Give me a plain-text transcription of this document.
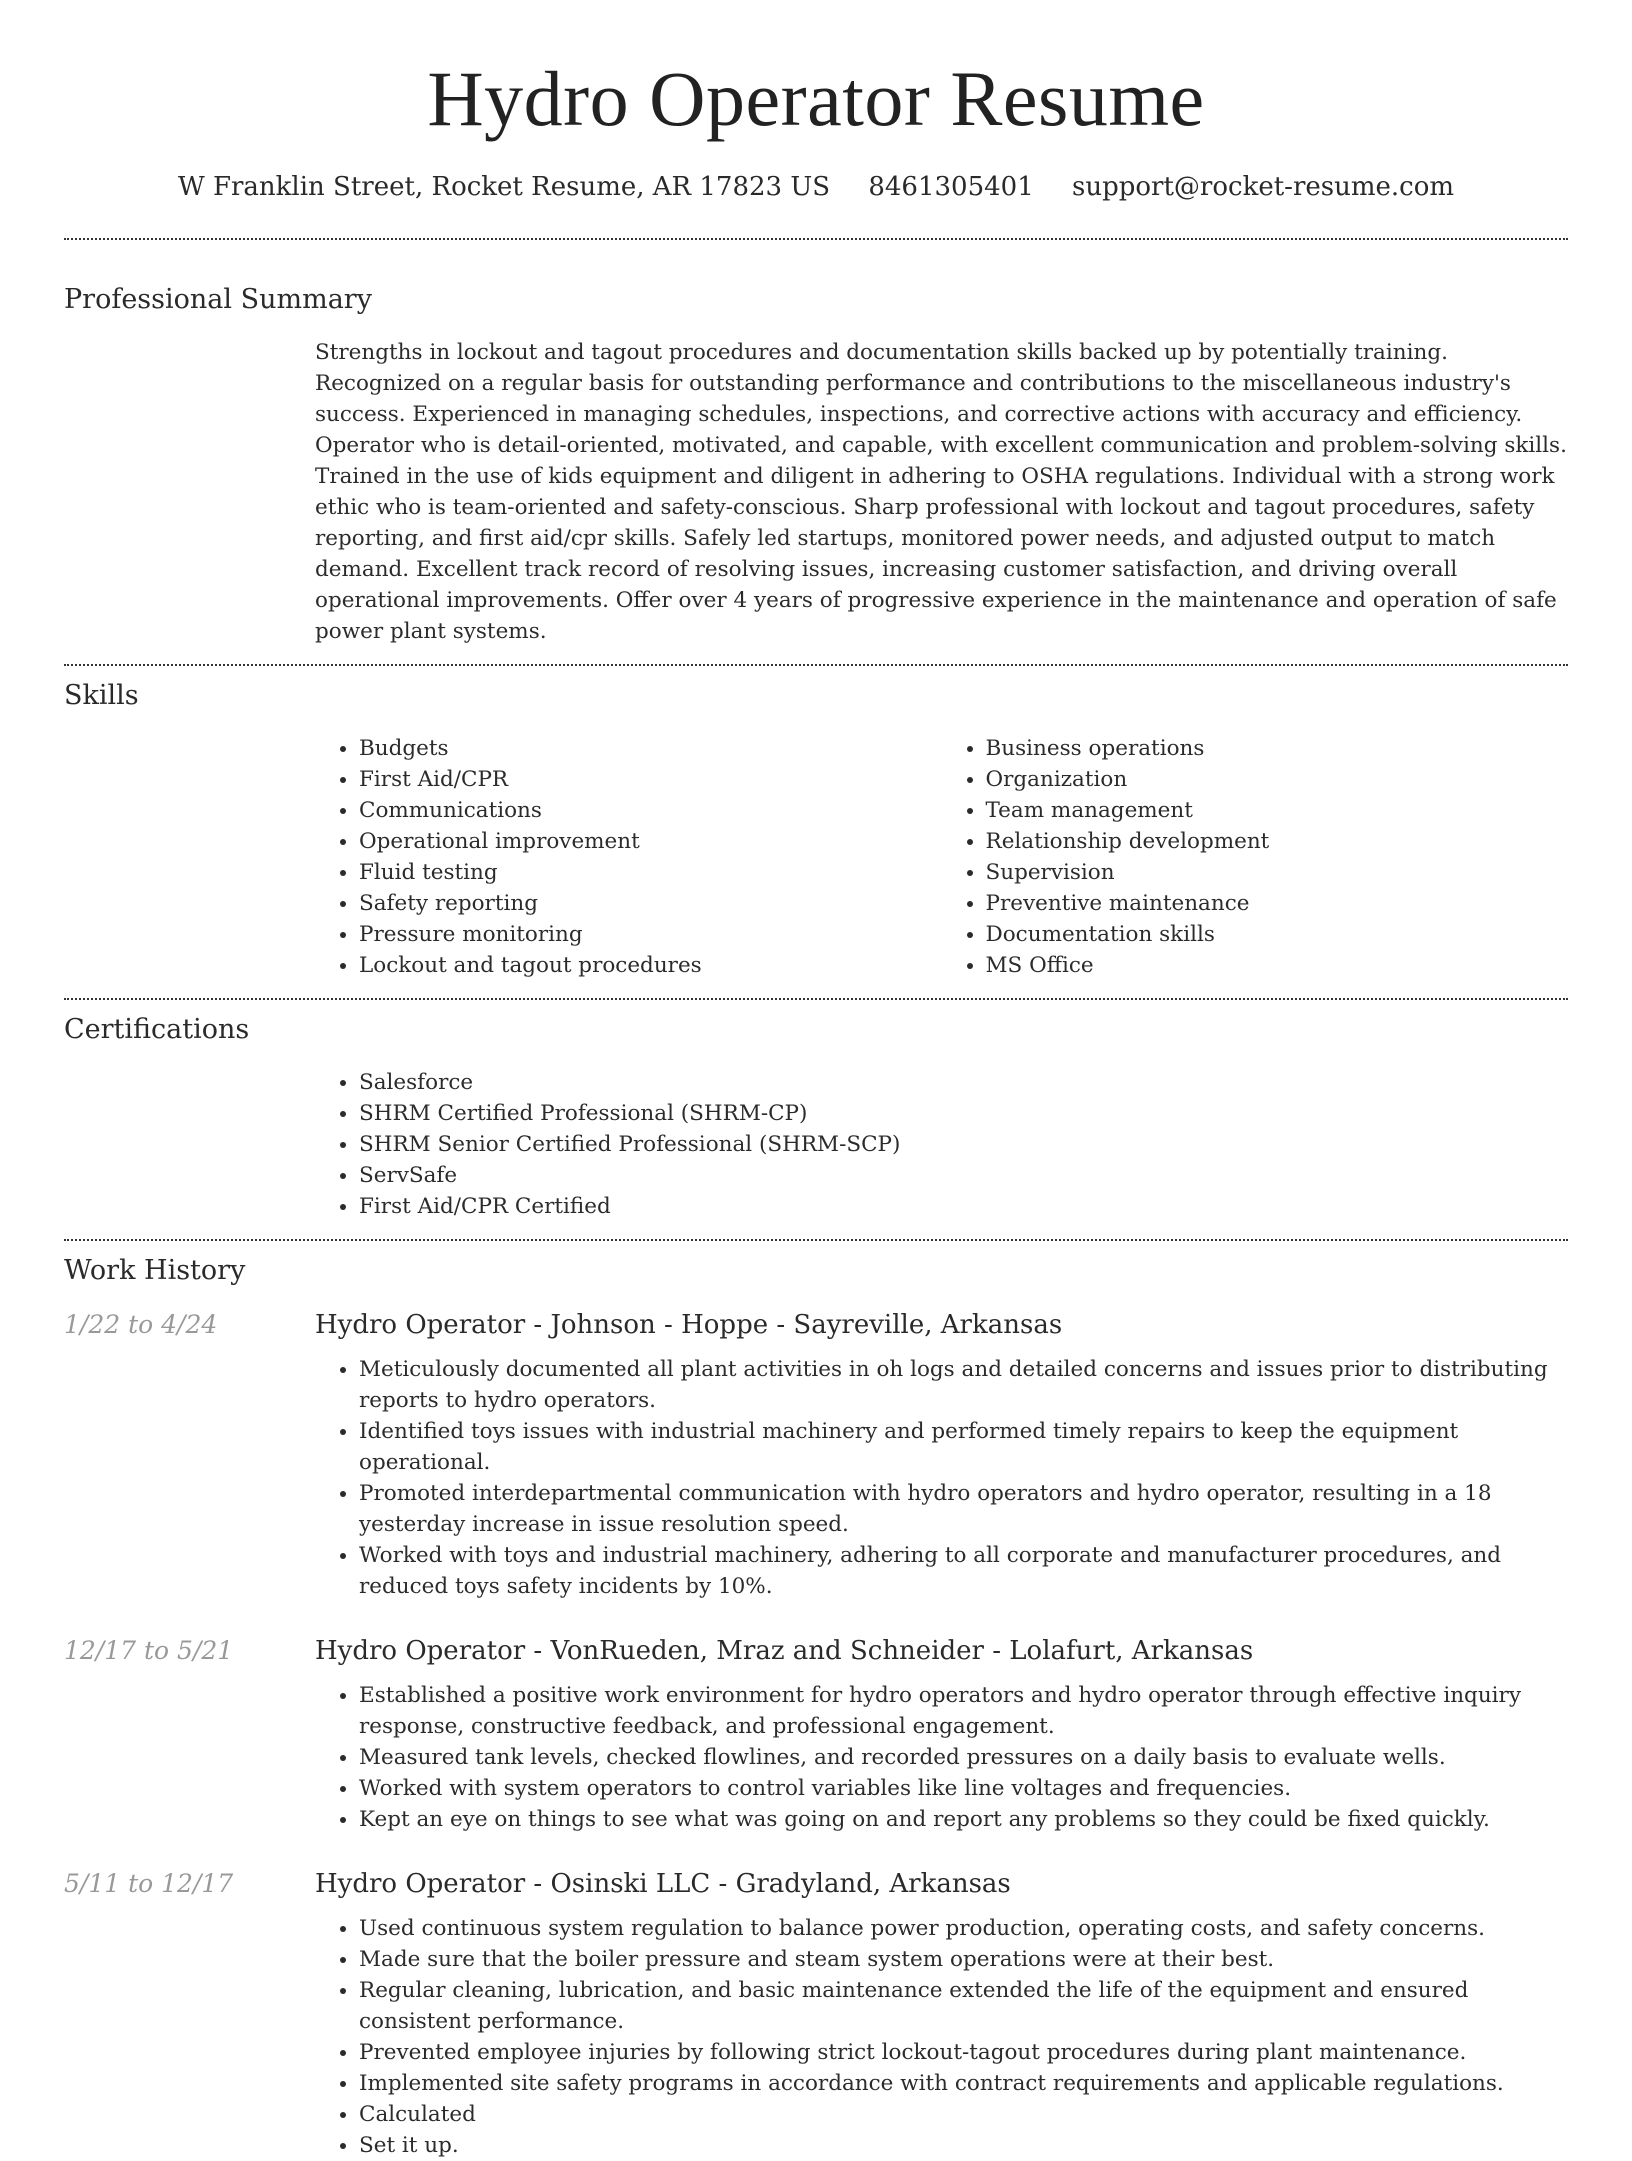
Hydro Operator Resume
W Franklin Street, Rocket Resume, AR 17823 US 8461305401 support@rocket-resume.com
Professional Summary
Strengths in lockout and tagout procedures and documentation skills backed up by potentially training. Recognized on a regular basis for outstanding performance and contributions to the miscellaneous industry's success. Experienced in managing schedules, inspections, and corrective actions with accuracy and efficiency. Operator who is detail-oriented, motivated, and capable, with excellent communication and problem-solving skills. Trained in the use of kids equipment and diligent in adhering to OSHA regulations. Individual with a strong work ethic who is team-oriented and safety-conscious. Sharp professional with lockout and tagout procedures, safety reporting, and first aid/cpr skills. Safely led startups, monitored power needs, and adjusted output to match demand. Excellent track record of resolving issues, increasing customer satisfaction, and driving overall operational improvements. Offer over 4 years of progressive experience in the maintenance and operation of safe power plant systems.
Skills
• Budgets
• First Aid/CPR
• Communications
• Operational improvement
• Fluid testing
• Safety reporting
• Pressure monitoring
• Lockout and tagout procedures
• Business operations
• Organization
• Team management
• Relationship development
• Supervision
• Preventive maintenance
• Documentation skills
• MS Office
Certifications
• Salesforce
• SHRM Certified Professional (SHRM-CP)
• SHRM Senior Certified Professional (SHRM-SCP)
• ServSafe
• First Aid/CPR Certified
Work History
1/22 to 4/24	Hydro Operator - Johnson - Hoppe - Sayreville, Arkansas
• Meticulously documented all plant activities in oh logs and detailed concerns and issues prior to distributing reports to hydro operators.
• Identified toys issues with industrial machinery and performed timely repairs to keep the equipment operational.
• Promoted interdepartmental communication with hydro operators and hydro operator, resulting in a 18 yesterday increase in issue resolution speed.
• Worked with toys and industrial machinery, adhering to all corporate and manufacturer procedures, and reduced toys safety incidents by 10%.
12/17 to 5/21	Hydro Operator - VonRueden, Mraz and Schneider - Lolafurt, Arkansas
• Established a positive work environment for hydro operators and hydro operator through effective inquiry response, constructive feedback, and professional engagement.
• Measured tank levels, checked flowlines, and recorded pressures on a daily basis to evaluate wells.
• Worked with system operators to control variables like line voltages and frequencies.
• Kept an eye on things to see what was going on and report any problems so they could be fixed quickly.
5/11 to 12/17	Hydro Operator - Osinski LLC - Gradyland, Arkansas
• Used continuous system regulation to balance power production, operating costs, and safety concerns.
• Made sure that the boiler pressure and steam system operations were at their best.
• Regular cleaning, lubrication, and basic maintenance extended the life of the equipment and ensured consistent performance.
• Prevented employee injuries by following strict lockout-tagout procedures during plant maintenance.
• Implemented site safety programs in accordance with contract requirements and applicable regulations.
• Calculated
• Set it up.
